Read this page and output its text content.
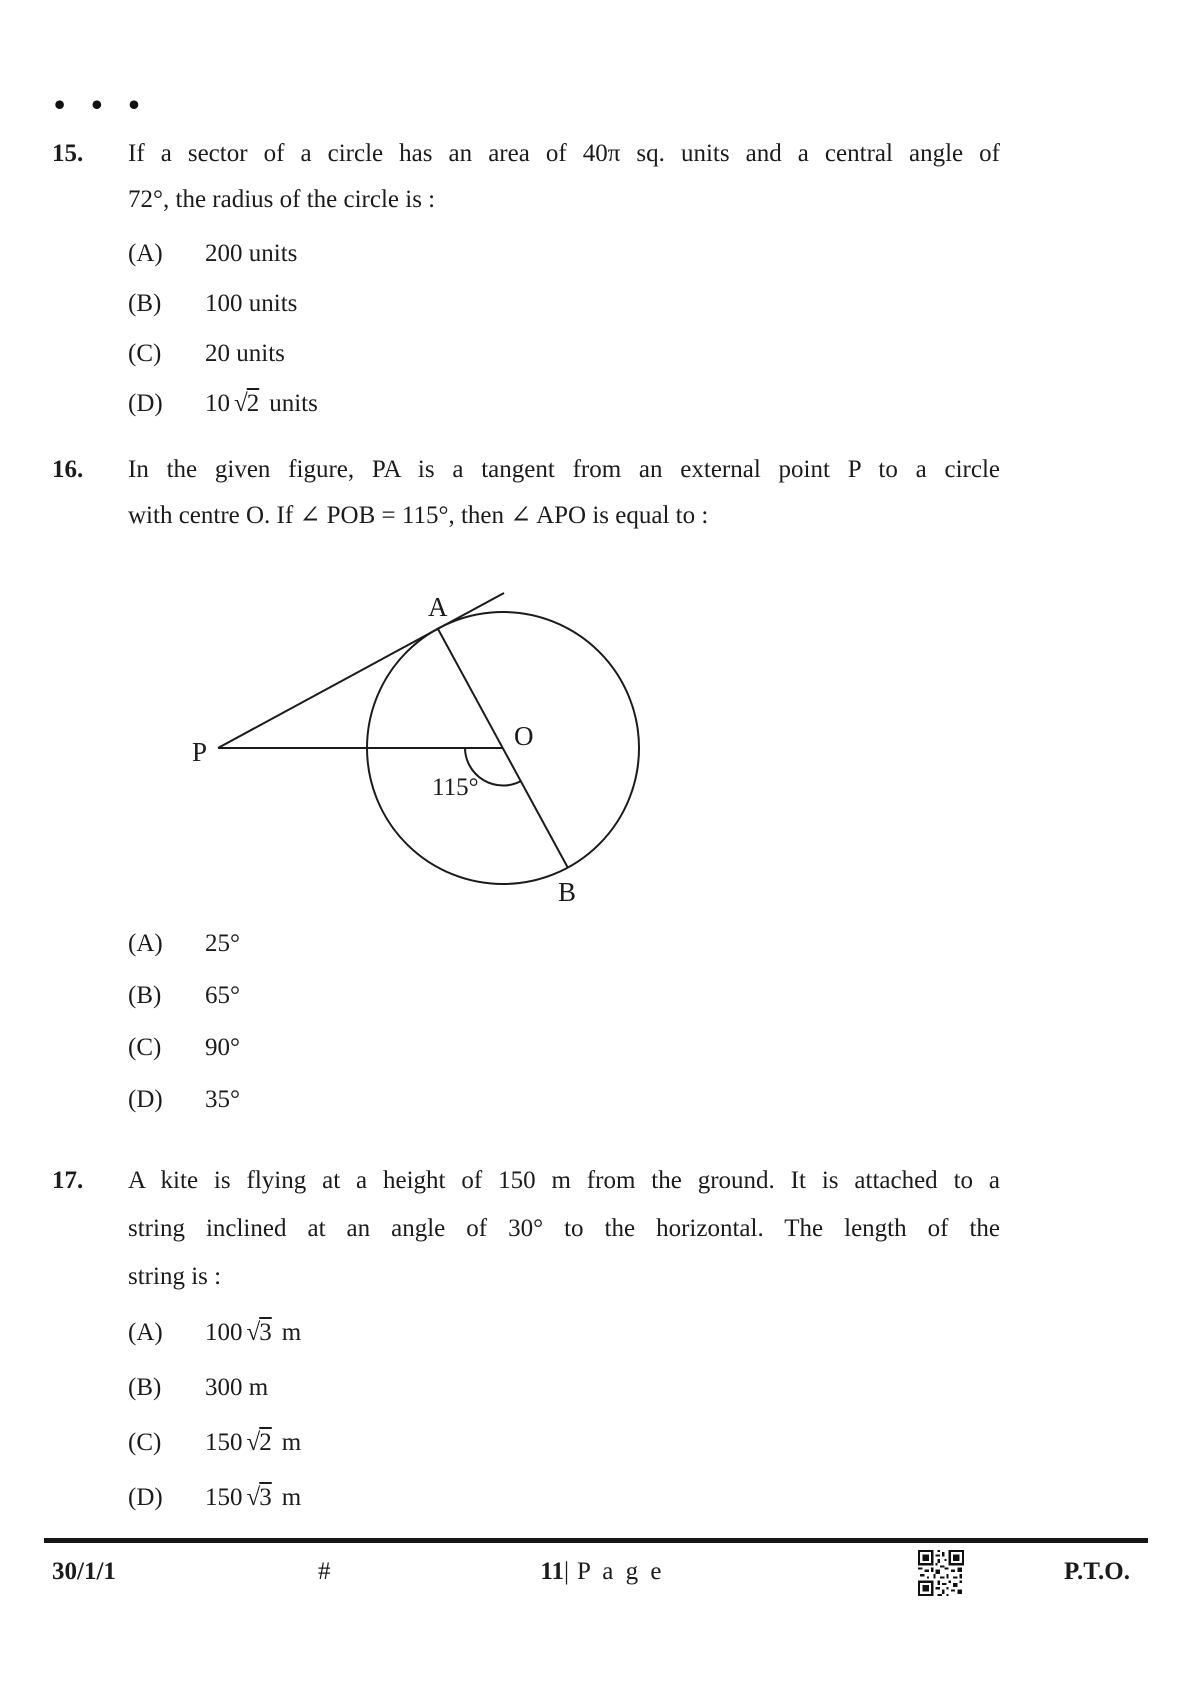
• • •
15. If a sector of a circle has an area of 40π sq. units and a central angle of
72°, the radius of the circle is :
(A)	200 units
(B)	100 units
(C)	20 units
(D)	10 √2 units
16. In the given figure, PA is a tangent from an external point P to a circle
with centre O. If ∠ POB = 115°, then ∠ APO is equal to :
P
A
O
B
115°
(A)	25°
(B)	65°
(C)	90°
(D)	35°
17. A kite is flying at a height of 150 m from the ground. It is attached to a
string inclined at an angle of 30° to the horizontal. The length of the
string is :
(A)	100 √3 m
(B)	300 m
(C)	150 √2 m
(D)	150 √3 m
30/1/1	#	11 | P a g e	P.T.O.
